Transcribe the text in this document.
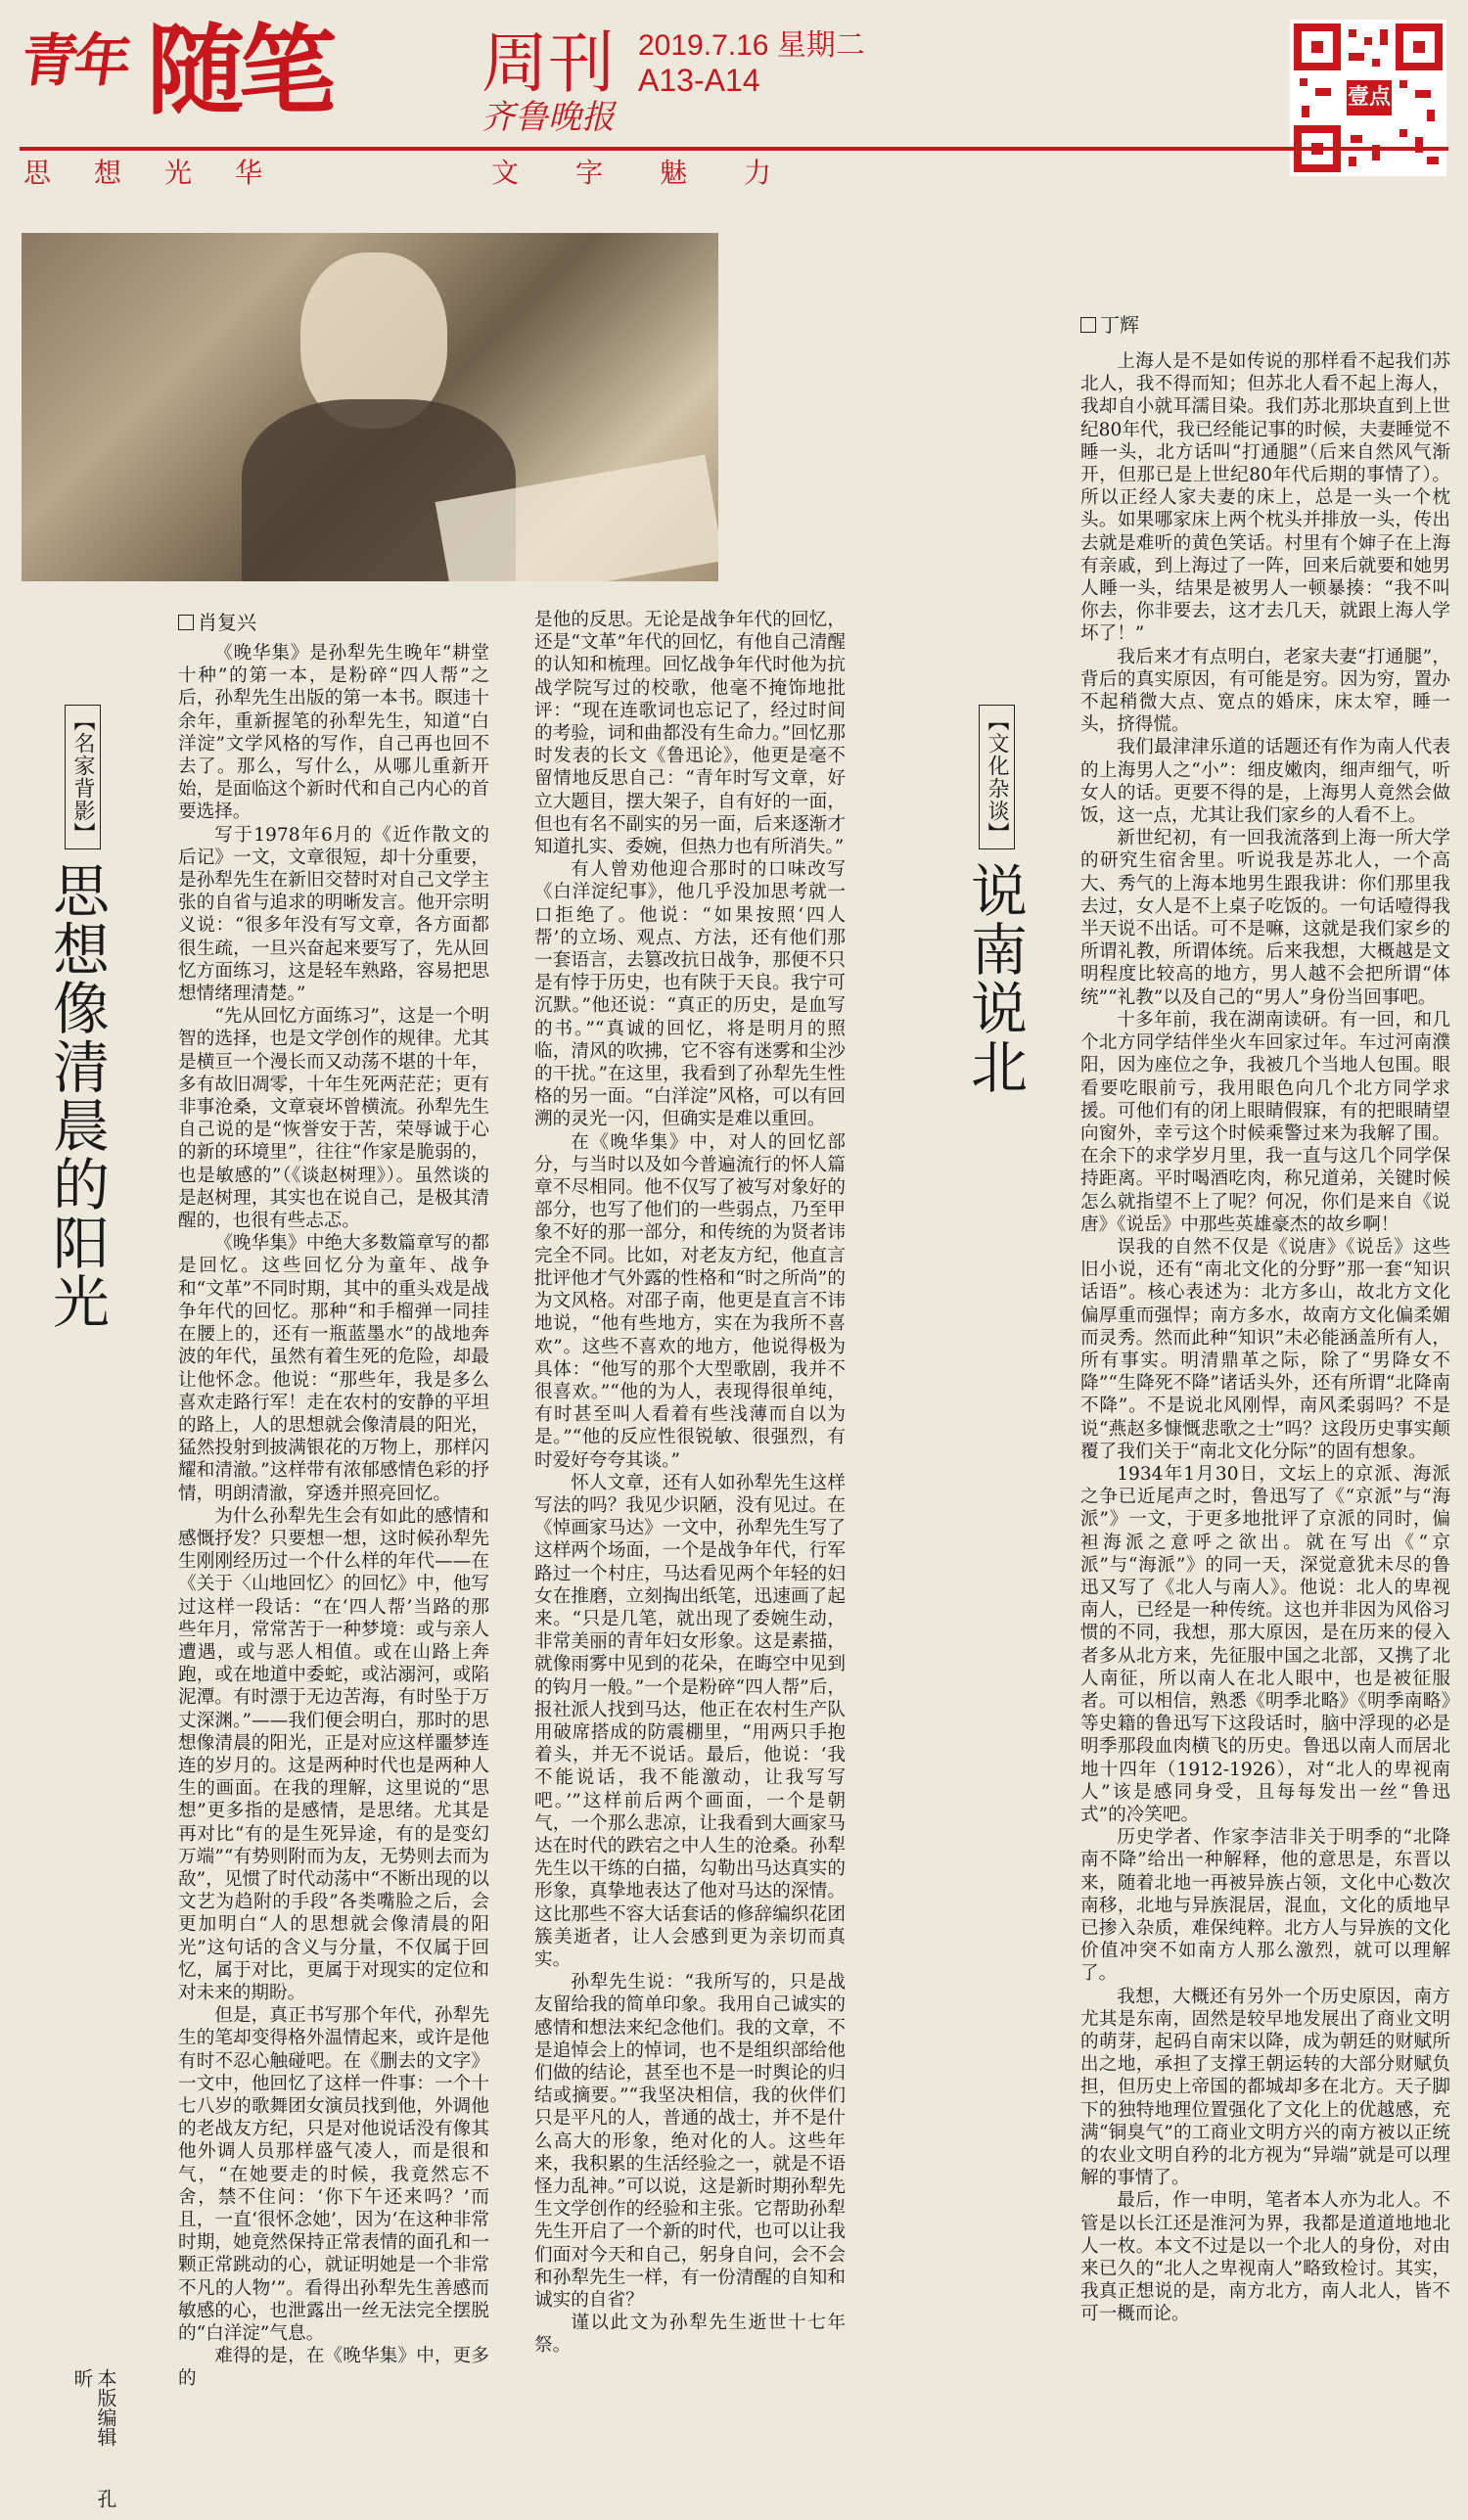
青年 随笔	周刊
齐鲁晚报
2019.7.16 星期二
A13-A14	壹点
思想光华	文字魅力
【名家背影】
思想像清晨的阳光
肖复兴

《晚华集》是孙犁先生晚年“耕堂十种”的第一本，是粉碎“四人帮”之后，孙犁先生出版的第一本书。瞑违十余年，重新握笔的孙犁先生，知道“白洋淀”文学风格的写作，自己再也回不去了。那么，写什么，从哪儿重新开始，是面临这个新时代和自己内心的首要选择。

写于1978年6月的《近作散文的后记》一文，文章很短，却十分重要，是孙犁先生在新旧交替时对自己文学主张的自省与追求的明晰发言。他开宗明义说：“很多年没有写文章，各方面都很生疏，一旦兴奋起来要写了，先从回忆方面练习，这是轻车熟路，容易把思想情绪理清楚。”

“先从回忆方面练习”，这是一个明智的选择，也是文学创作的规律。尤其是横亘一个漫长而又动荡不堪的十年，多有故旧凋零，十年生死两茫茫；更有非事沧桑，文章衰坏曾横流。孙犁先生自己说的是“恢誉安于苦，荣辱诚于心的新的环境里”，往往“作家是脆弱的，也是敏感的”（《谈赵树理》）。虽然谈的是赵树理，其实也在说自己，是极其清醒的，也很有些忐忑。

《晚华集》中绝大多数篇章写的都是回忆。这些回忆分为童年、战争和“文革”不同时期，其中的重头戏是战争年代的回忆。那种“和手榴弹一同挂在腰上的，还有一瓶蓝墨水”的战地奔波的年代，虽然有着生死的危险，却最让他怀念。他说：“那些年，我是多么喜欢走路行军！走在农村的安静的平坦的路上，人的思想就会像清晨的阳光，猛然投射到披满银花的万物上，那样闪耀和清澈。”这样带有浓郁感情色彩的抒情，明朗清澈，穿透并照亮回忆。

为什么孙犁先生会有如此的感情和感慨抒发？只要想一想，这时候孙犁先生刚刚经历过一个什么样的年代——在《关于〈山地回忆〉的回忆》中，他写过这样一段话：“在‘四人帮’当路的那些年月，常常苦于一种梦境：或与亲人遭遇，或与恶人相值。或在山路上奔跑，或在地道中委蛇，或沾溺河，或陷泥潭。有时漂于无边苦海，有时坠于万丈深渊。”——我们便会明白，那时的思想像清晨的阳光，正是对应这样噩梦连连的岁月的。这是两种时代也是两种人生的画面。在我的理解，这里说的“思想”更多指的是感情，是思绪。尤其是再对比“有的是生死异途，有的是变幻万端”“有势则附而为友，无势则去而为敌”，见惯了时代动荡中“不断出现的以文艺为趋附的手段”各类嘴脸之后，会更加明白“人的思想就会像清晨的阳光”这句话的含义与分量，不仅属于回忆，属于对比，更属于对现实的定位和对未来的期盼。

但是，真正书写那个年代，孙犁先生的笔却变得格外温情起来，或许是他有时不忍心触碰吧。在《删去的文字》一文中，他回忆了这样一件事：一个十七八岁的歌舞团女演员找到他，外调他的老战友方纪，只是对他说话没有像其他外调人员那样盛气凌人，而是很和气，“在她要走的时候，我竟然忘不舍，禁不住问：‘你下午还来吗？’而且，一直‘很怀念她’，因为‘在这种非常时期，她竟然保持正常表情的面孔和一颗正常跳动的心，就证明她是一个非常不凡的人物’”。看得出孙犁先生善感而敏感的心，也泄露出一丝无法完全摆脱的“白洋淀”气息。

难得的是，在《晚华集》中，更多的

是他的反思。无论是战争年代的回忆，还是“文革”年代的回忆，有他自己清醒的认知和梳理。回忆战争年代时他为抗战学院写过的校歌，他毫不掩饰地批评：“现在连歌词也忘记了，经过时间的考验，词和曲都没有生命力。”回忆那时发表的长文《鲁迅论》，他更是毫不留情地反思自己：“青年时写文章，好立大题目，摆大架子，自有好的一面，但也有名不副实的另一面，后来逐渐才知道扎实、委婉，但热力也有所消失。”

有人曾劝他迎合那时的口味改写《白洋淀纪事》，他几乎没加思考就一口拒绝了。他说：“如果按照‘四人帮’的立场、观点、方法，还有他们那一套语言，去篡改抗日战争，那便不只是有悖于历史，也有陕于天良。我宁可沉默。”他还说：“真正的历史，是血写的书。”“真诚的回忆，将是明月的照临，清风的吹拂，它不容有迷雾和尘沙的干扰。”在这里，我看到了孙犁先生性格的另一面。“白洋淀”风格，可以有回溯的灵光一闪，但确实是难以重回。

在《晚华集》中，对人的回忆部分，与当时以及如今普遍流行的怀人篇章不尽相同。他不仅写了被写对象好的部分，也写了他们的一些弱点，乃至甲象不好的那一部分，和传统的为贤者讳完全不同。比如，对老友方纪，他直言批评他才气外露的性格和“时之所尚”的为文风格。对邵子南，他更是直言不讳地说，“他有些地方，实在为我所不喜欢”。这些不喜欢的地方，他说得极为具体：“他写的那个大型歌剧，我并不很喜欢。”“他的为人，表现得很单纯，有时甚至叫人看着有些浅薄而自以为是。”“他的反应性很锐敏、很强烈，有时爱好夸夸其谈。”

怀人文章，还有人如孙犁先生这样写法的吗？我见少识陋，没有见过。在《悼画家马达》一文中，孙犁先生写了这样两个场面，一个是战争年代，行军路过一个村庄，马达看见两个年轻的妇女在推磨，立刻掏出纸笔，迅速画了起来。“只是几笔，就出现了委婉生动，非常美丽的青年妇女形象。这是素描，就像雨雾中见到的花朵，在晦空中见到的钩月一般。”一个是粉碎“四人帮”后，报社派人找到马达，他正在农村生产队用破席搭成的防震棚里，“用两只手抱着头，并无不说话。最后，他说：‘我不能说话，我不能激动，让我写写吧。’”这样前后两个画面，一个是朝气，一个那么悲凉，让我看到大画家马达在时代的跌宕之中人生的沧桑。孙犁先生以干练的白描，勾勒出马达真实的形象，真挚地表达了他对马达的深情。这比那些不容大话套话的修辞编织花团簇美逝者，让人会感到更为亲切而真实。

孙犁先生说：“我所写的，只是战友留给我的简单印象。我用自己诚实的感情和想法来纪念他们。我的文章，不是追悼会上的悼词，也不是组织部给他们做的结论，甚至也不是一时舆论的归结或摘要。”“我坚决相信，我的伙伴们只是平凡的人，普通的战士，并不是什么高大的形象，绝对化的人。这些年来，我积累的生活经验之一，就是不语怪力乱神。”可以说，这是新时期孙犁先生文学创作的经验和主张。它帮助孙犁先生开启了一个新的时代，也可以让我们面对今天和自己，躬身自问，会不会和孙犁先生一样，有一份清醒的自知和诚实的自省？

谨以此文为孙犁先生逝世十七年祭。

本版编辑  孔昕
【文化杂谈】
说南说北
丁辉

上海人是不是如传说的那样看不起我们苏北人，我不得而知；但苏北人看不起上海人，我却自小就耳濡目染。我们苏北那块直到上世纪80年代，我已经能记事的时候，夫妻睡觉不睡一头，北方话叫“打通腿”（后来自然风气渐开，但那已是上世纪80年代后期的事情了）。所以正经人家夫妻的床上，总是一头一个枕头。如果哪家床上两个枕头并排放一头，传出去就是难听的黄色笑话。村里有个婶子在上海有亲戚，到上海过了一阵，回来后就要和她男人睡一头，结果是被男人一顿暴揍：“我不叫你去，你非要去，这才去几天，就跟上海人学坏了！”

我后来才有点明白，老家夫妻“打通腿”，背后的真实原因，有可能是穷。因为穷，置办不起稍微大点、宽点的婚床，床太窄，睡一头，挤得慌。

我们最津津乐道的话题还有作为南人代表的上海男人之“小”：细皮嫩肉，细声细气，听女人的话。更要不得的是，上海男人竟然会做饭，这一点，尤其让我们家乡的人看不上。

新世纪初，有一回我流落到上海一所大学的研究生宿舍里。听说我是苏北人，一个高大、秀气的上海本地男生跟我讲：你们那里我去过，女人是不上桌子吃饭的。一句话噎得我半天说不出话。可不是嘛，这就是我们家乡的所谓礼教，所谓体统。后来我想，大概越是文明程度比较高的地方，男人越不会把所谓“体统”“礼教”以及自己的“男人”身份当回事吧。

十多年前，我在湖南读研。有一回，和几个北方同学结伴坐火车回家过年。车过河南濮阳，因为座位之争，我被几个当地人包围。眼看要吃眼前亏，我用眼色向几个北方同学求援。可他们有的闭上眼睛假寐，有的把眼睛望向窗外，幸亏这个时候乘警过来为我解了围。在余下的求学岁月里，我一直与这几个同学保持距离。平时喝酒吃肉，称兄道弟，关键时候怎么就指望不上了呢？何况，你们是来自《说唐》《说岳》中那些英雄豪杰的故乡啊！

误我的自然不仅是《说唐》《说岳》这些旧小说，还有“南北文化的分野”那一套“知识话语”。核心表述为：北方多山，故北方文化偏厚重而强悍；南方多水，故南方文化偏柔媚而灵秀。然而此种“知识”未必能涵盖所有人，所有事实。明清鼎革之际，除了“男降女不降”“生降死不降”诸话头外，还有所谓“北降南不降”。不是说北风刚悍，南风柔弱吗？不是说“燕赵多慷慨悲歌之士”吗？这段历史事实颠覆了我们关于“南北文化分际”的固有想象。

1934年1月30日，文坛上的京派、海派之争已近尾声之时，鲁迅写了《“京派”与“海派”》一文，于更多地批评了京派的同时，偏袒海派之意呼之欲出。就在写出《“京派”与“海派”》的同一天，深觉意犹未尽的鲁迅又写了《北人与南人》。他说：北人的卑视南人，已经是一种传统。这也并非因为风俗习惯的不同，我想，那大原因，是在历来的侵入者多从北方来，先征服中国之北部，又携了北人南征，所以南人在北人眼中，也是被征服者。可以相信，熟悉《明季北略》《明季南略》等史籍的鲁迅写下这段话时，脑中浮现的必是明季那段血肉横飞的历史。鲁迅以南人而居北地十四年（1912-1926），对“北人的卑视南人”该是感同身受，且每每发出一丝“鲁迅式”的冷笑吧。

历史学者、作家李洁非关于明季的“北降南不降”给出一种解释，他的意思是，东晋以来，随着北地一再被异族占领，文化中心数次南移，北地与异族混居，混血，文化的质地早已掺入杂质，难保纯粹。北方人与异族的文化价值冲突不如南方人那么激烈，就可以理解了。

我想，大概还有另外一个历史原因，南方尤其是东南，固然是较早地发展出了商业文明的萌芽，起码自南宋以降，成为朝廷的财赋所出之地，承担了支撑王朝运转的大部分财赋负担，但历史上帝国的都城却多在北方。天子脚下的独特地理位置强化了文化上的优越感，充满“铜臭气”的工商业文明方兴的南方被以正统的农业文明自矜的北方视为“异端”就是可以理解的事情了。

最后，作一申明，笔者本人亦为北人。不管是以长江还是淮河为界，我都是道道地地北人一枚。本文不过是以一个北人的身份，对由来已久的“北人之卑视南人”略致检讨。其实，我真正想说的是，南方北方，南人北人，皆不可一概而论。
